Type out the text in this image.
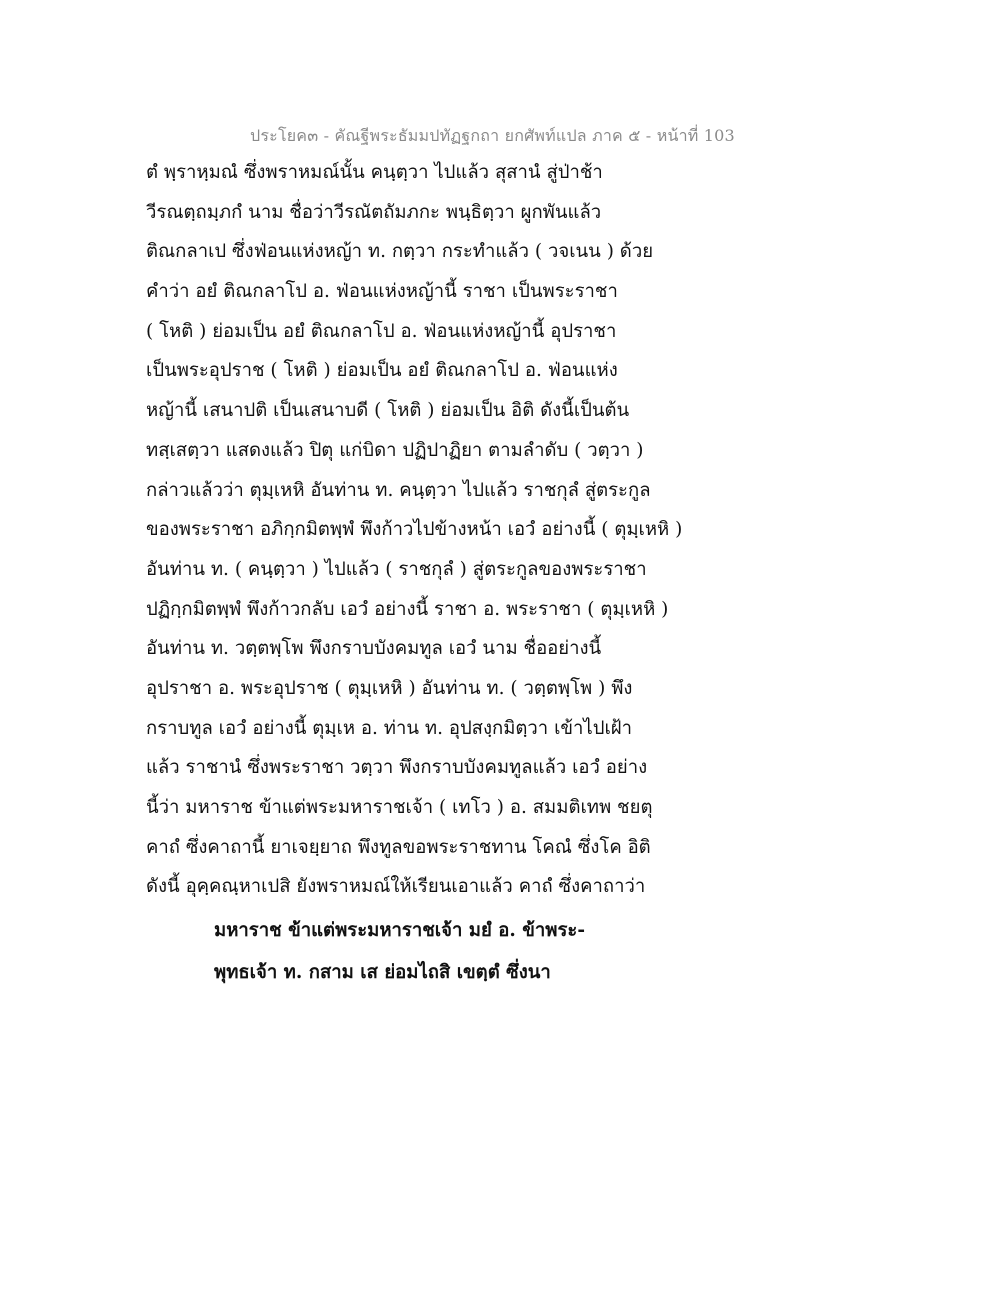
ประโยค๓ - คัณฐีพระธัมมปทัฏฐกถา ยกศัพท์แปล ภาค ๕ - หน้าที่ 103
ตํ พฺราหฺมณํ ซึ่งพราหมณ์นั้น คนฺตฺวา ไปแล้ว สุสานํ สู่ป่าช้า
วีรณตฺถมฺภกํ นาม ชื่อว่าวีรณัตถัมภกะ พนฺธิตฺวา ผูกพันแล้ว
ติณกลาเป ซึ่งฟ่อนแห่งหญ้า ท. กตฺวา กระทำแล้ว ( วจเนน ) ด้วย
คำว่า อยํ ติณกลาโป อ. ฟ่อนแห่งหญ้านี้ ราชา เป็นพระราชา
( โหติ ) ย่อมเป็น อยํ ติณกลาโป อ. ฟ่อนแห่งหญ้านี้ อุปราชา
เป็นพระอุปราช ( โหติ ) ย่อมเป็น อยํ ติณกลาโป อ. ฟ่อนแห่ง
หญ้านี้ เสนาปติ เป็นเสนาบดี ( โหติ ) ย่อมเป็น อิติ ดังนี้เป็นต้น
ทสฺเสตฺวา แสดงแล้ว ปิตุ แก่บิดา ปฏิปาฏิยา ตามลำดับ ( วตฺวา )
กล่าวแล้วว่า ตุมฺเหหิ อันท่าน ท. คนฺตฺวา ไปแล้ว ราชกุลํ สู่ตระกูล
ของพระราชา อภิกฺกมิตพฺพํ พึงก้าวไปข้างหน้า เอวํ อย่างนี้ ( ตุมฺเหหิ )
อันท่าน ท. ( คนฺตฺวา ) ไปแล้ว ( ราชกุลํ ) สู่ตระกูลของพระราชา
ปฏิกฺกมิตพฺพํ พึงก้าวกลับ เอวํ อย่างนี้ ราชา อ. พระราชา ( ตุมฺเหหิ )
อันท่าน ท. วตฺตพฺโพ พึงกราบบังคมทูล เอวํ นาม ชื่ออย่างนี้
อุปราชา อ. พระอุปราช ( ตุมฺเหหิ ) อันท่าน ท. ( วตฺตพฺโพ ) พึง
กราบทูล เอวํ อย่างนี้ ตุมฺเห อ. ท่าน ท. อุปสงฺกมิตฺวา เข้าไปเฝ้า
แล้ว ราชานํ ซึ่งพระราชา วตฺวา พึงกราบบังคมทูลแล้ว เอวํ อย่าง
นี้ว่า มหาราช ข้าแต่พระมหาราชเจ้า ( เทโว ) อ. สมมติเทพ ชยตุ
คาถํ ซึ่งคาถานี้ ยาเจยฺยาถ พึงทูลขอพระราชทาน โคณํ ซึ่งโค อิติ
ดังนี้ อุคฺคณฺหาเปสิ ยังพราหมณ์ให้เรียนเอาแล้ว คาถํ ซึ่งคาถาว่า
มหาราช ข้าแต่พระมหาราชเจ้า มยํ อ. ข้าพระ-
พุทธเจ้า ท. กสาม เส ย่อมไถสิ เขตฺตํ ซึ่งนา
